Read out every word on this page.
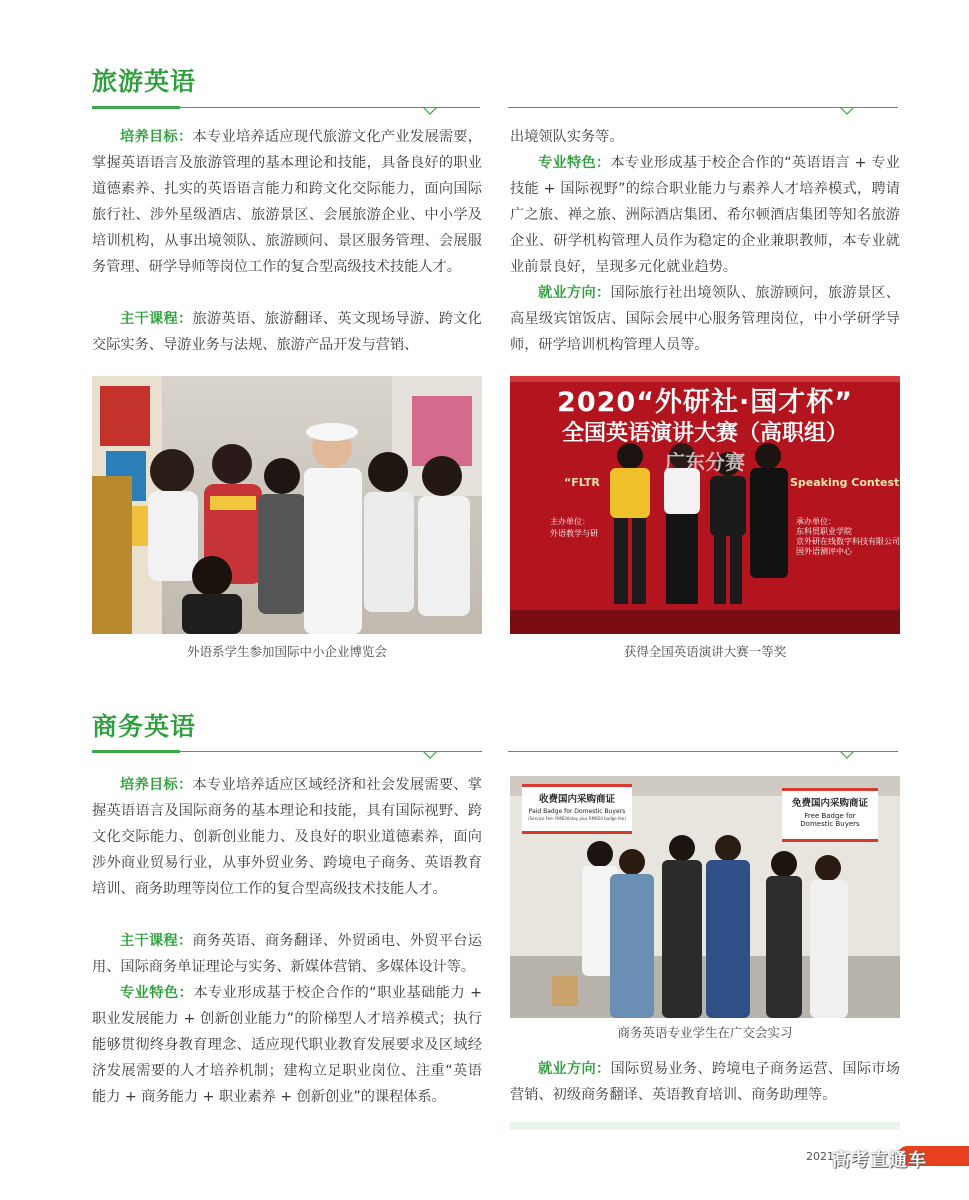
旅游英语
培养目标：本专业培养适应现代旅游文化产业发展需要，掌握英语语言及旅游管理的基本理论和技能，具备良好的职业道德素养、扎实的英语语言能力和跨文化交际能力，面向国际旅行社、涉外星级酒店、旅游景区、会展旅游企业、中小学及培训机构，从事出境领队、旅游顾问、景区服务管理、会展服务管理、研学导师等岗位工作的复合型高级技术技能人才。
主干课程：旅游英语、旅游翻译、英文现场导游、跨文化交际实务、导游业务与法规、旅游产品开发与营销、
出境领队实务等。
专业特色：本专业形成基于校企合作的“英语语言 + 专业技能 + 国际视野”的综合职业能力与素养人才培养模式，聘请广之旅、禅之旅、洲际酒店集团、希尔顿酒店集团等知名旅游企业、研学机构管理人员作为稳定的企业兼职教师，本专业就业前景良好，呈现多元化就业趋势。
就业方向：国际旅行社出境领队、旅游顾问，旅游景区、高星级宾馆饭店、国际会展中心服务管理岗位，中小学研学导师，研学培训机构管理人员等。
外语系学生参加国际中小企业博览会
2020“外研社·国才杯”
全国英语演讲大赛（高职组）
广东分赛
“FLTR	Speaking Contest
主办单位：
外语教学与研
承办单位：
东科贸职业学院
京外研在线数字科技有限公司
国外语测评中心
获得全国英语演讲大赛一等奖
商务英语
培养目标：本专业培养适应区域经济和社会发展需要、掌握英语语言及国际商务的基本理论和技能，具有国际视野、跨文化交际能力、创新创业能力、及良好的职业道德素养，面向涉外商业贸易行业，从事外贸业务、跨境电子商务、英语教育培训、商务助理等岗位工作的复合型高级技术技能人才。
主干课程：商务英语、商务翻译、外贸函电、外贸平台运用、国际商务单证理论与实务、新媒体营销、多媒体设计等。
专业特色：本专业形成基于校企合作的“职业基础能力 + 职业发展能力 + 创新创业能力”的阶梯型人才培养模式；执行能够贯彻终身教育理念、适应现代职业教育发展要求及区域经济发展需要的人才培养机制；建构立足职业岗位、注重“英语能力 + 商务能力 + 职业素养 + 创新创业”的课程体系。
收费国内采购商证
Paid Badge for Domestic Buyers
(Service Fee: RMB30/day plus RMB50 badge fee)
免费国内采购商证
Free Badge for
Domestic Buyers
商务英语专业学生在广交会实习
就业方向：国际贸易业务、跨境电子商务运营、国际市场营销、初级商务翻译、英语教育培训、商务助理等。
2021
高考直通车
